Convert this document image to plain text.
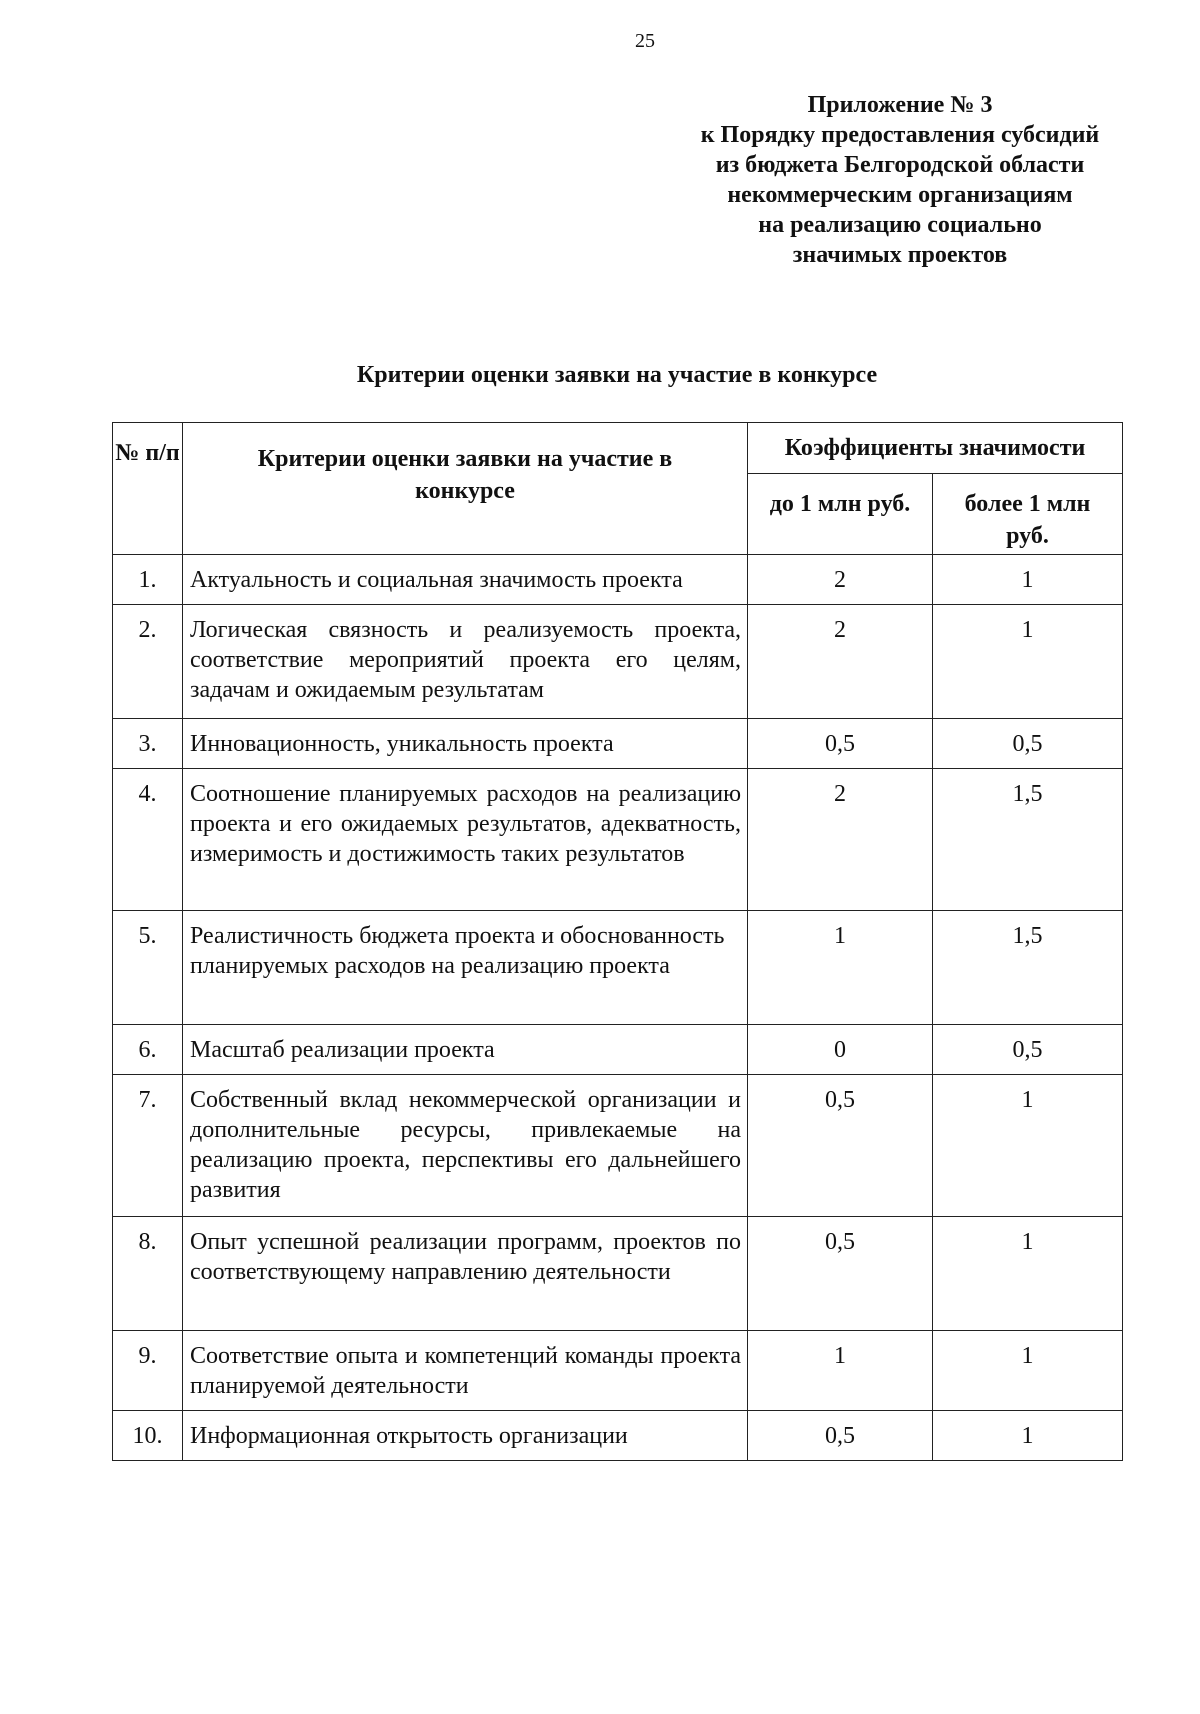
25
Приложение № 3
к Порядку предоставления субсидий
из бюджета Белгородской области
некоммерческим организациям
на реализацию социально
значимых проектов
Критерии оценки заявки на участие в конкурсе
№ п/п	Критерии оценки заявки на участие в конкурсе	Коэффициенты значимости	
		до 1 млн руб.	более 1 млн руб.
1.	Актуальность и социальная значимость проекта	2	1
2.	Логическая связность и реализуемость проекта, соответствие мероприятий проекта его целям, задачам и ожидаемым результатам	2	1
3.	Инновационность, уникальность проекта	0,5	0,5
4.	Соотношение планируемых расходов на реализацию проекта и его ожидаемых результатов, адекватность, измеримость и достижимость таких результатов	2	1,5
5.	Реалистичность бюджета проекта и обоснованность планируемых расходов на реализацию проекта	1	1,5
6.	Масштаб реализации проекта	0	0,5
7.	Собственный вклад некоммерческой организации и дополнительные ресурсы, привлекаемые на реализацию проекта, перспективы его дальнейшего развития	0,5	1
8.	Опыт успешной реализации программ, проектов по соответствующему направлению деятельности	0,5	1
9.	Соответствие опыта и компетенций команды проекта планируемой деятельности	1	1
10.	Информационная открытость организации	0,5	1
